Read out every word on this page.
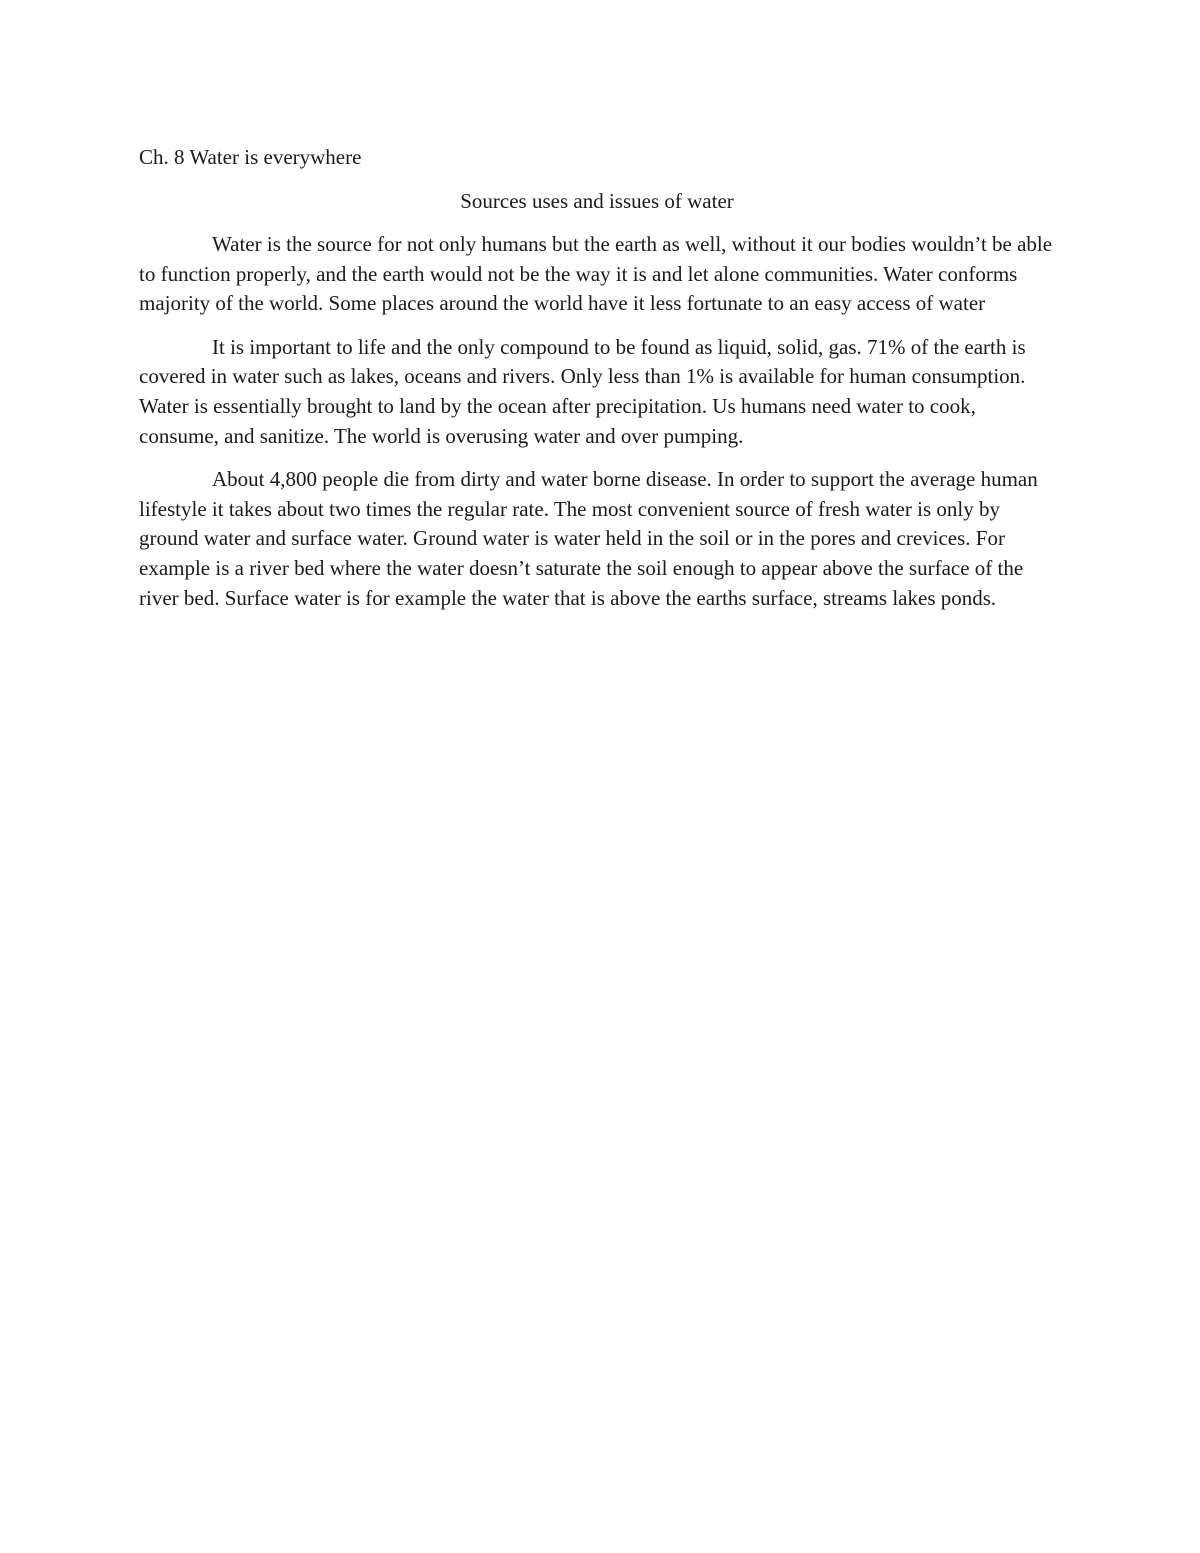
Ch. 8 Water is everywhere

Sources uses and issues of water

Water is the source for not only humans but the earth as well, without it our bodies wouldn’t be able to function properly, and the earth would not be the way it is and let alone communities. Water conforms majority of the world. Some places around the world have it less fortunate to an easy access of water

It is important to life and the only compound to be found as liquid, solid, gas. 71% of the earth is covered in water such as lakes, oceans and rivers. Only less than 1% is available for human consumption. Water is essentially brought to land by the ocean after precipitation. Us humans need water to cook, consume, and sanitize. The world is overusing water and over pumping.

About 4,800 people die from dirty and water borne disease. In order to support the average human lifestyle it takes about two times the regular rate. The most convenient source of fresh water is only by ground water and surface water. Ground water is water held in the soil or in the pores and crevices. For example is a river bed where the water doesn’t saturate the soil enough to appear above the surface of the river bed. Surface water is for example the water that is above the earths surface, streams lakes ponds.
